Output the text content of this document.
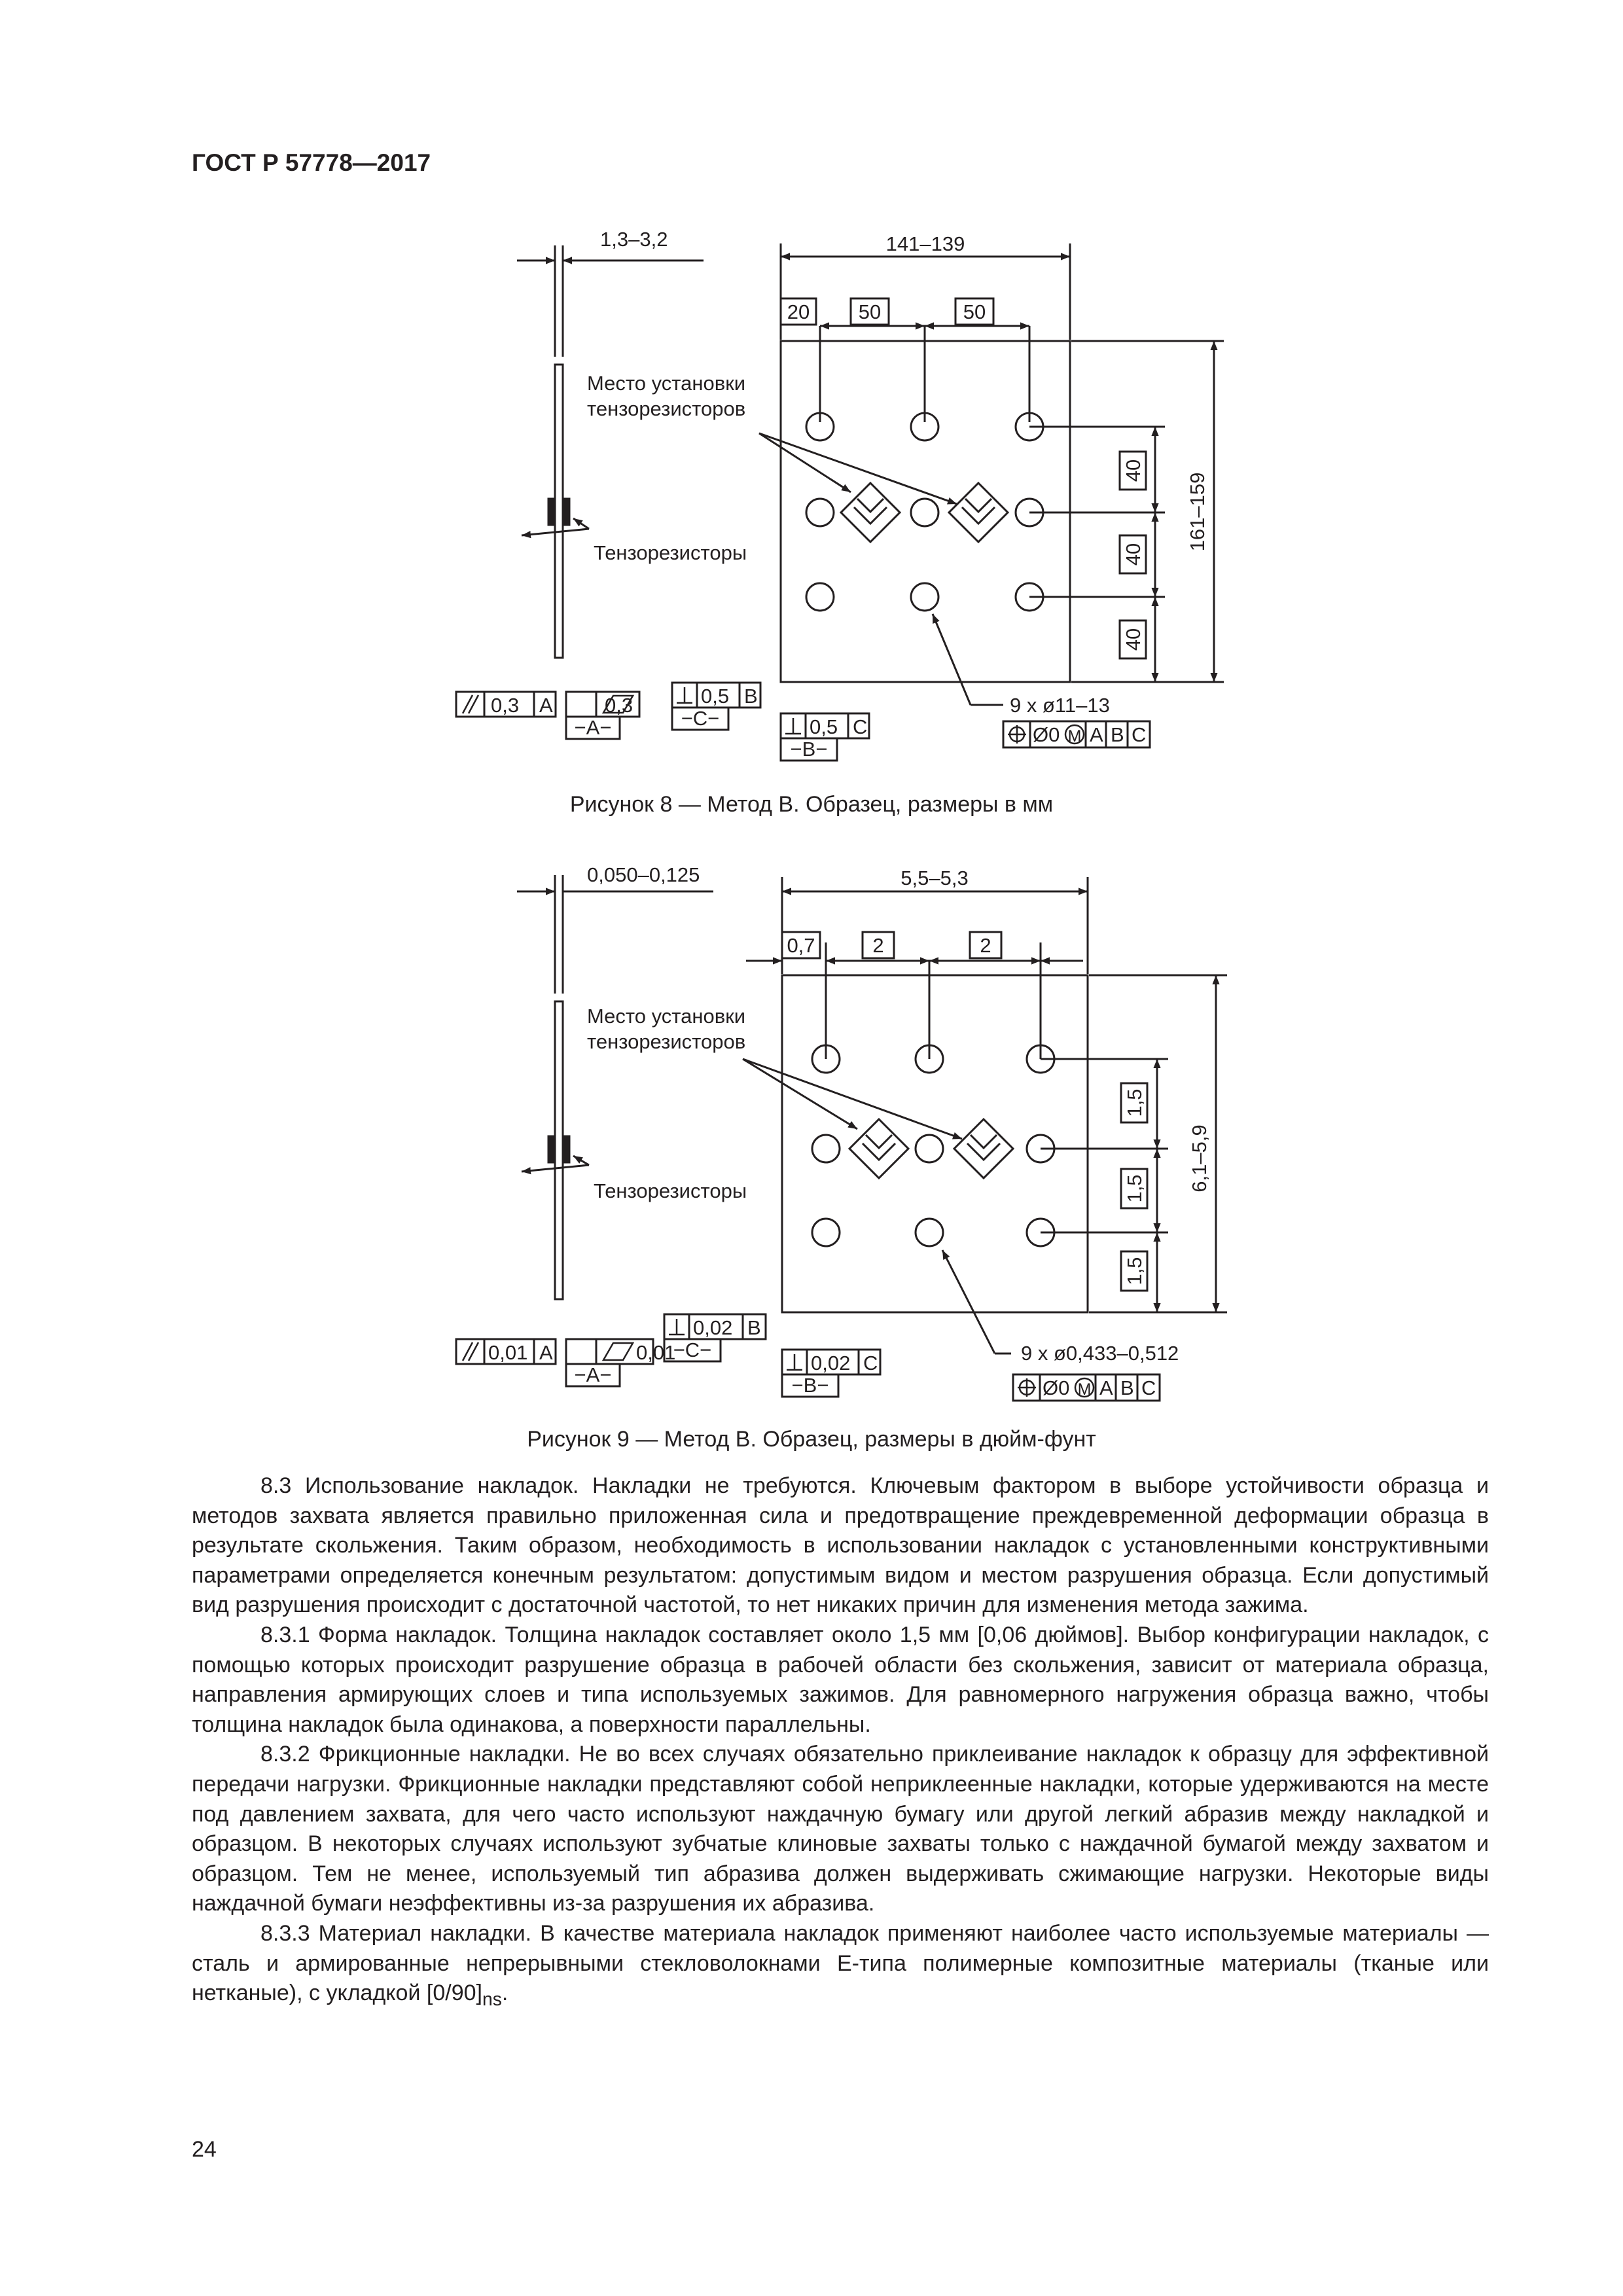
ГОСТ Р 57778—2017
1,3–3,2	141–139
20 50	50
40
40
40
161–159
Место установки
тензорезисторов
Тензорезисторы
9 x ø11–13
0,3 A	0,3
−A−
0,5 B
−C−	0,5 C
−B−
Ø0 M A B C
Рисунок 8 — Метод В. Образец, размеры в мм
0,050–0,125	5,5–5,3
0,7	2	2
1,5
1,5
1,5
6,1–5,9
Место установки
тензорезисторов
Тензорезисторы
9 x ø0,433–0,512
0,01 A	0,01
−A−
0,02 B
−C−
0,02 C
−B−	Ø0 M A B C
Рисунок 9 — Метод В. Образец, размеры в дюйм-фунт

8.3 Использование накладок. Накладки не требуются. Ключевым фактором в выборе устойчивости образца и методов захвата является правильно приложенная сила и предотвращение преждевременной деформации образца в результате скольжения. Таким образом, необходимость в использовании накладок с установленными конструктивными параметрами определяется конечным результатом: допустимым видом и местом разрушения образца. Если допустимый вид разрушения происходит с достаточной частотой, то нет никаких причин для изменения метода зажима.

8.3.1 Форма накладок. Толщина накладок составляет около 1,5 мм [0,06 дюймов]. Выбор конфигурации накладок, с помощью которых происходит разрушение образца в рабочей области без скольжения, зависит от материала образца, направления армирующих слоев и типа используемых зажимов. Для равномерного нагружения образца важно, чтобы толщина накладок была одинакова, а поверхности параллельны.

8.3.2 Фрикционные накладки. Не во всех случаях обязательно приклеивание накладок к образцу для эффективной передачи нагрузки. Фрикционные накладки представляют собой неприклеенные накладки, которые удерживаются на месте под давлением захвата, для чего часто используют наждачную бумагу или другой легкий абразив между накладкой и образцом. В некоторых случаях используют зубчатые клиновые захваты только с наждачной бумагой между захватом и образцом. Тем не менее, используемый тип абразива должен выдерживать сжимающие нагрузки. Некоторые виды наждачной бумаги неэффективны из-за разрушения их абразива.

8.3.3 Материал накладки. В качестве материала накладок применяют наиболее часто используемые материалы — сталь и армированные непрерывными стекловолокнами Е-типа полимерные композитные материалы (тканые или нетканые), с укладкой $[0/90]_{ns}$.

24
